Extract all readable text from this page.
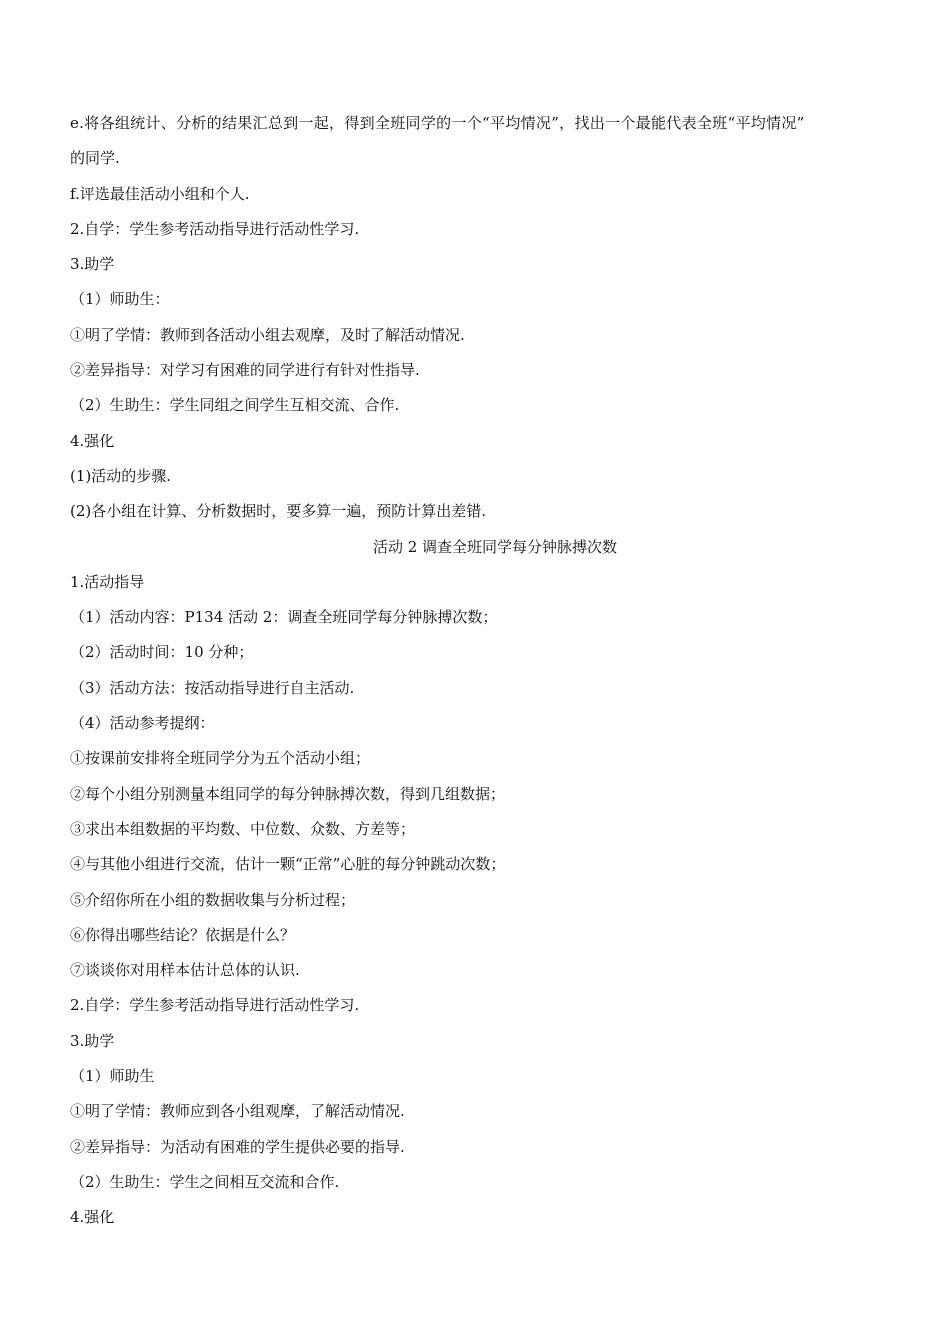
e.将各组统计、分析的结果汇总到一起，得到全班同学的一个“平均情况”，找出一个最能代表全班“平均情况”
的同学.
f.评选最佳活动小组和个人.
2.自学：学生参考活动指导进行活动性学习.
3.助学
（1）师助生：
①明了学情：教师到各活动小组去观摩，及时了解活动情况.
②差异指导：对学习有困难的同学进行有针对性指导.
（2）生助生：学生同组之间学生互相交流、合作.
4.强化
(1)活动的步骤.
(2)各小组在计算、分析数据时，要多算一遍，预防计算出差错.
活动 2 调查全班同学每分钟脉搏次数
1.活动指导
（1）活动内容：P134 活动 2：调查全班同学每分钟脉搏次数；
（2）活动时间：10 分种；
（3）活动方法：按活动指导进行自主活动.
（4）活动参考提纲：
①按课前安排将全班同学分为五个活动小组；
②每个小组分别测量本组同学的每分钟脉搏次数，得到几组数据；
③求出本组数据的平均数、中位数、众数、方差等；
④与其他小组进行交流，估计一颗“正常”心脏的每分钟跳动次数；
⑤介绍你所在小组的数据收集与分析过程；
⑥你得出哪些结论？依据是什么？
⑦谈谈你对用样本估计总体的认识.
2.自学：学生参考活动指导进行活动性学习.
3.助学
（1）师助生
①明了学情：教师应到各小组观摩，了解活动情况.
②差异指导：为活动有困难的学生提供必要的指导.
（2）生助生：学生之间相互交流和合作.
4.强化
